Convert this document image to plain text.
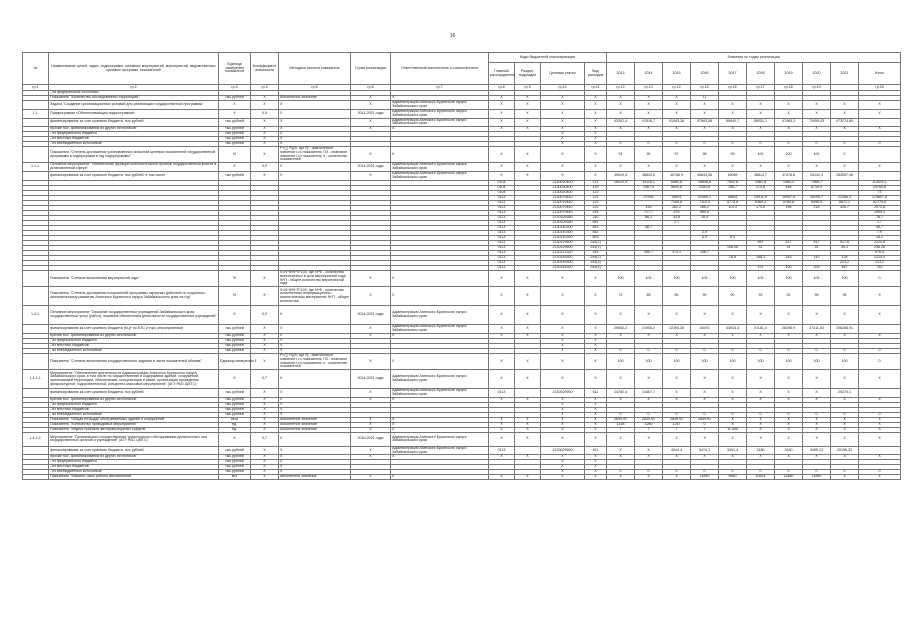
16
№	Наименование целей, задач, подпрограмм, основных мероприятий, мероприятий, ведомственных целевых программ, показателей	Единица измерения показателя	Коэффициент значимости	Методика расчета показателя	Сроки реализации	Ответственный исполнитель и соисполнители	Коды бюджетной классификации				Значения по годам реализации									
							Главный распорядитель	Раздел, подраздел	Целевая статья	Вид расходов	2013	2014	2015	2016	2017	2018	2019	2020	2021	Итого
гр.1	гр.2	гр.3	гр.4	гр.5	гр.6	гр.7	гр.8	гр.9	гр.10	гр.11	гр.12	гр.13	гр.14	гр.15	гр.16	гр.17	гр.18	гр.19		гр.20
	- на федеральные источники																			
	Показатель "Количество обследованных территорий"	тыс.рублей	X	Абсолютное значение	X	X	X	X	X	X	X	X	X	11						
	Задача "Создание организационных условий для реализации государственной программы"	X	X	X	X	Администрация Агинского Бурятского округа Забайкальского края	X	X	X	X	X	X	X	X	X	X	X	X	X	X
1.1.	Подпрограмма «Обеспечивающая подпрограмма»	X	0,9	X	2014-2021 годы	Администрация Агинского Бурятского округа Забайкальского края	X	X	X	X	X	X	X	X	X	X	X	X	X	X
	финансирование за счет краевого бюджета, тыс.рублей	тыс.рублей	X	X	X	Администрация Агинского Бурятского округа Забайкальского края	X	X	X	X	43302,4	41518,7	51083,38	57583,58	59640,7	56051,1	47465,3	73955,03	473274,89	
	прочие тыс. финансирования из других источников:	тыс.рублей	X	X	X	X	X	X	X	X	X	X	X	X	X	X	X	X	X	X
	- из федерального бюджета	тыс.рублей	X	X					X	X										
	- из местных бюджетов	тыс.рублей	X	X					X	X										
	- из внебюджетных источников	тыс.рублей	X	X					X	X	0	0	0	0	0	0	0	0	0	0
	Показатель "Степень достижения установленных значений целевых показателей государственной программы и подпрограмм в год подпрограммы"	%	X	Р=(∑ Rj)/n, где Rj - фактическое значение i-го показателя; ПЗ - плановое значение i-го показателя; n - количество показателей	X	X	X	X	X	X	91	90	97	98	99	100	100	100	0	
1.1.1.	Основное мероприятие "Обеспечение функций исполнительной органов государственной власти в установленной сфере"	X	0,9	X	2014-2021 годы	Администрация Агинского Бурятского округа Забайкальского края	X	X	X	X	X	X	X	X	X	X	X	X	X	X
	финансирование за счет краевого бюджета, тыс.рублей, в том числе	тыс.рублей	X	X	X	Администрация Агинского Бурятского округа Забайкальского края	X	X	X	X	39519,3	38843,6	40768,9	45844,58	16089	38814,7	37478,8	34142,3	284057,98	
							0104		2130020400	121	18030,9	19116,1	6860,8	39848,8	7952,8	1561,6	1565,3	7565,7		113510,1
							0104		2130020400	129		2567,5	5693,8	2454,8	196,7	374,8	446	6715,9		29765,8
							0104		2130020400	122										73
							0113		2130079440	121		27935	39921	20465,1	16651	23011,9	14947,9	18190,7	22385,3	179807,8
							0113		2130079440	129			7165,6	7115,4	5775,8	6369,3	5769,8	5098,5	6871,1	51775,6
							0113		2130079440	122		416	362,2	266,2	114,3	174,6	196	218	326,7	2073,8
							0113		2130079440	244		717,7	676	565,6						1959,3
							0113		2130109280	240		86,3	33,8	18,9						76,7
							0113		2130109280	851			1,7							1,7
							0113		2130140300	851		56,7								56,7
							0113		2130140300	852				2,9						7,9
							0113		2130140300	853				6,9	6,9					16,2
							0113		2130129600	244(2)						957	517	517	517,6	2124,6
							0113		2130129600	244(1)					108,08	31	31	31	35,1	236,28
							0113		2130121320	244		455,7	374,1	146,7						976,5
							0113		2130149300	244(2)					76,6	168,3	143	143	128	1214,4
							0113		2130149300	244(3)									213,2	213,2
							0113		2130149300	244(4)						121	100	100	467	740
	Показатель "Степень выполнения мероприятий года"	%	X	S=N^Ф/N^П*100, где N^Ф - количество выполненных в срок мероприятий года; N^П - общее количество мероприятий года	X	X	X	X	X	X	100	100	100	100	100	100	100	100	100	0
	Показатель "Степень достижения показателей программы окружных действий по социально-экономическому развитию Агинского Бурятского округа Забайкальского края на год"	%	X	S=N^Ф/N^П*100, где N^Ф - количество исполненных информационно-аналитических материалов; N^П - общее количество	X	X	X	X	X	X	72	85	85	90	90	92	92	95	95	X
1.4.1.	Основное мероприятие "Оказание государственных учреждений Забайкальского края государственных услуг (работ), оказание обеспечения деятельности государственных учреждений"	X	0,9	X	2014-2021 годы	Администрация Агинского Бурятского округа Забайкальского края	X	X	X	X	X	X	X	X	X	X	X	X	X	X
	финансирование за счет краевого бюджета (КЦУ по ЕЗС и торг. мероприятиям)	тыс.рублей	X	X	X	Администрация Агинского Бурятского округа Забайкальского края	X	X	X	X	29082,2	21905,2	22394,28	24975	33515,3	21181,4	28196,9	37411,83	206288,91	
	прочие тыс. финансирования из других источников:	тыс.рублей	X	X	X	X	X	X	X	X	X	X	X	X	X	X	X	X	X	X
	- из федерального бюджета	тыс.рублей	X	X					X	X										
	- из местных бюджетов	тыс.рублей	X	X					X	X										
	- из внебюджетных источников	тыс.рублей	X	X					X	X	0	0	0	0	0	0	0	0	0	0
	Показатель "Степень выполнения государственного задания в части показателей объема"	Единица измерения 1	X	Р=(∑ Rj)/n, где Rj - фактическое значение i-го показателя; ПЗ - плановое значение i-го показателя; n - количество показателей	X	X	X	X	X	X	100	100	100	100	100	100	100	100	100	0
1.4.1.1.	Мероприятие "Обеспечение деятельности Администрации Агинского Бурятского округа Забайкальского края, в том числе по осуществлению в содержании зданий, сооружений, прилегающей территории, обеспечению, консультации и связи, организации проведения физкультурной, оздоровительной, концертно-массовой мероприятий" (АГУ РАО ЦМТС)	X	0,7	X	2014-2021 годы	Администрация Агинского Бурятского округа Забайкальского края	X	X	X	X	X	X	X	X	X	X	X	X	X	X
	финансирование за счет краевого бюджета, тыс.рублей	тыс.рублей	X	X	X	Администрация Агинского Бурятского округа Забайкальского края	0113		2130029900	611	14782,4	14467,7	X	X	X	X	X	X	29270,1	
	прочие тыс. финансирования из других источников:	тыс.рублей	X	X	X	X	X	X	X	X	X	X	X	X	X	X	X	X	X	X
	- из федерального бюджета	тыс.рублей	X	X					X	X										
	- из местных бюджетов	тыс.рублей	X	X					X	X										
	- из внебюджетных источников	тыс.рублей	X	X					X	X	0	0	0	0	0	0	0	0	0	0
	Показатель "Общая площадь обслуживаемых зданий и сооружений"	кв.м	X	Абсолютное значение	X	X	X	X	X	X	2649,91	2649,91	2649,91	2649,91	X	X	X	X	X	X
	Показатель "Количество проводимых мероприятий"	ед.	X	Абсолютное значение	X	X	X	X	X	X	1438	1280	1247	0	X	X	X	X	X	X
	Показатель "Индекс прибыли автотранспортных средств"	ед.	X	Абсолютное значение	X	X	X	X	X	X	7	7	7	7	11,000	X	X	X	X	X
1.4.1.2.	Мероприятие "Организация и осуществление транспортного обслуживания должностных лиц государственных органов и учреждений" (АГУ РАО ЦМТС)	X	0,7	X	2016-2021 годы	Администрация Агинского Бурятского округа Забайкальского края	X	X	X	X	X	X	X	X	X	X	X	X	X	X
	финансирование за счет краевого бюджета, тыс.рублей	тыс.рублей	X	X	X	Администрация Агинского Бурятского округа Забайкальского края	0113		2130029900	611	X	X	4044,4	3474,1	3091,4	3180	3180	3495,13	20196,33	
	прочие тыс. финансирования из других источников:	тыс.рублей	X	X	X	X	X	X	X	X	X	X	X	X	X	X	X	X	X	X
	- из федерального бюджета	тыс.рублей	X	X					X	X										
	- из местных бюджетов	тыс.рублей	X	X					X	X										
	- из внебюджетных источников	тыс.рублей	X	X					X	X	0	0	0	0	0	0	0	0	0	0
	Показатель "Машино-часы работы автомобилей"	м/ч	X	абсолютное значение	X	X	X	X	X	X	X	X	X	11840	9680	10524	11880	11880	X	X
